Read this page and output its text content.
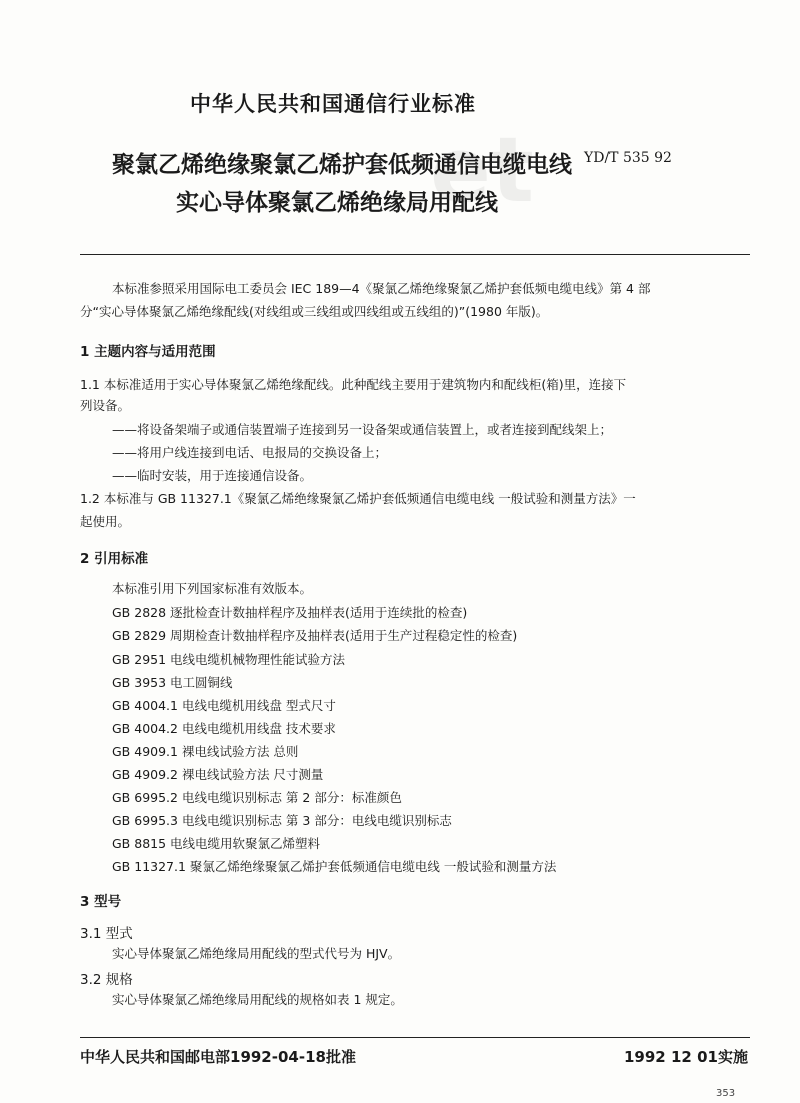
et
中华人民共和国通信行业标准
聚氯乙烯绝缘聚氯乙烯护套低频通信电缆电线
实心导体聚氯乙烯绝缘局用配线
YD/T 535 92
本标准参照采用国际电工委员会 IEC 189—4《聚氯乙烯绝缘聚氯乙烯护套低频电缆电线》第 4 部
分“实心导体聚氯乙烯绝缘配线(对线组或三线组或四线组或五线组的)”(1980 年版)。
1 主题内容与适用范围
1.1 本标准适用于实心导体聚氯乙烯绝缘配线。此种配线主要用于建筑物内和配线柜(箱)里，连接下
列设备。
——将设备架端子或通信装置端子连接到另一设备架或通信装置上，或者连接到配线架上；
——将用户线连接到电话、电报局的交换设备上；
——临时安装，用于连接通信设备。
1.2 本标准与 GB 11327.1《聚氯乙烯绝缘聚氯乙烯护套低频通信电缆电线 一般试验和测量方法》一
起使用。
2 引用标准
本标准引用下列国家标准有效版本。
GB 2828 逐批检查计数抽样程序及抽样表(适用于连续批的检查)
GB 2829 周期检查计数抽样程序及抽样表(适用于生产过程稳定性的检查)
GB 2951 电线电缆机械物理性能试验方法
GB 3953 电工圆铜线
GB 4004.1 电线电缆机用线盘 型式尺寸
GB 4004.2 电线电缆机用线盘 技术要求
GB 4909.1 裸电线试验方法 总则
GB 4909.2 裸电线试验方法 尺寸测量
GB 6995.2 电线电缆识别标志 第 2 部分：标准颜色
GB 6995.3 电线电缆识别标志 第 3 部分：电线电缆识别标志
GB 8815 电线电缆用软聚氯乙烯塑料
GB 11327.1 聚氯乙烯绝缘聚氯乙烯护套低频通信电缆电线 一般试验和测量方法
3 型号
3.1 型式
实心导体聚氯乙烯绝缘局用配线的型式代号为 HJV。
3.2 规格
实心导体聚氯乙烯绝缘局用配线的规格如表 1 规定。
中华人民共和国邮电部1992-04-18批准	1992 12 01实施
353
